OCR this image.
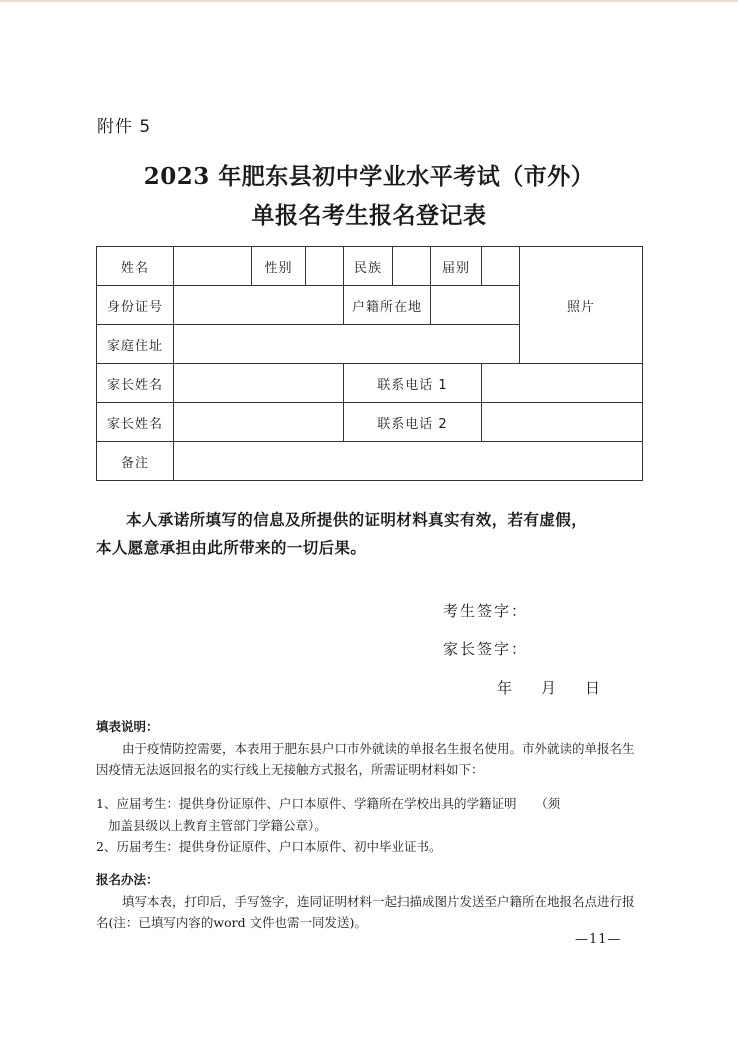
附件 5
2023 年肥东县初中学业水平考试（市外）
单报名考生报名登记表
姓名		性别		民族		届别		照片
身份证号				户籍所在地				
家庭住址								
家长姓名				联系电话 1				
家长姓名				联系电话 2				
备注								
本人承诺所填写的信息及所提供的证明材料真实有效，若有虚假，
本人愿意承担由此所带来的一切后果。
考生签字：
家长签字：
年 月 日
填表说明：
由于疫情防控需要，本表用于肥东县户口市外就读的单报名生报名使用。市外就读的单报名生因疫情无法返回报名的实行线上无接触方式报名，所需证明材料如下：
1、应届考生：提供身份证原件、户口本原件、学籍所在学校出具的学籍证明　　（须
加盖县级以上教育主管部门学籍公章）。
2、历届考生：提供身份证原件、户口本原件、初中毕业证书。
报名办法：
填写本表，打印后，手写签字，连同证明材料一起扫描成图片发送至户籍所在地报名点进行报名(注：已填写内容的word 文件也需一同发送)。
—11—
